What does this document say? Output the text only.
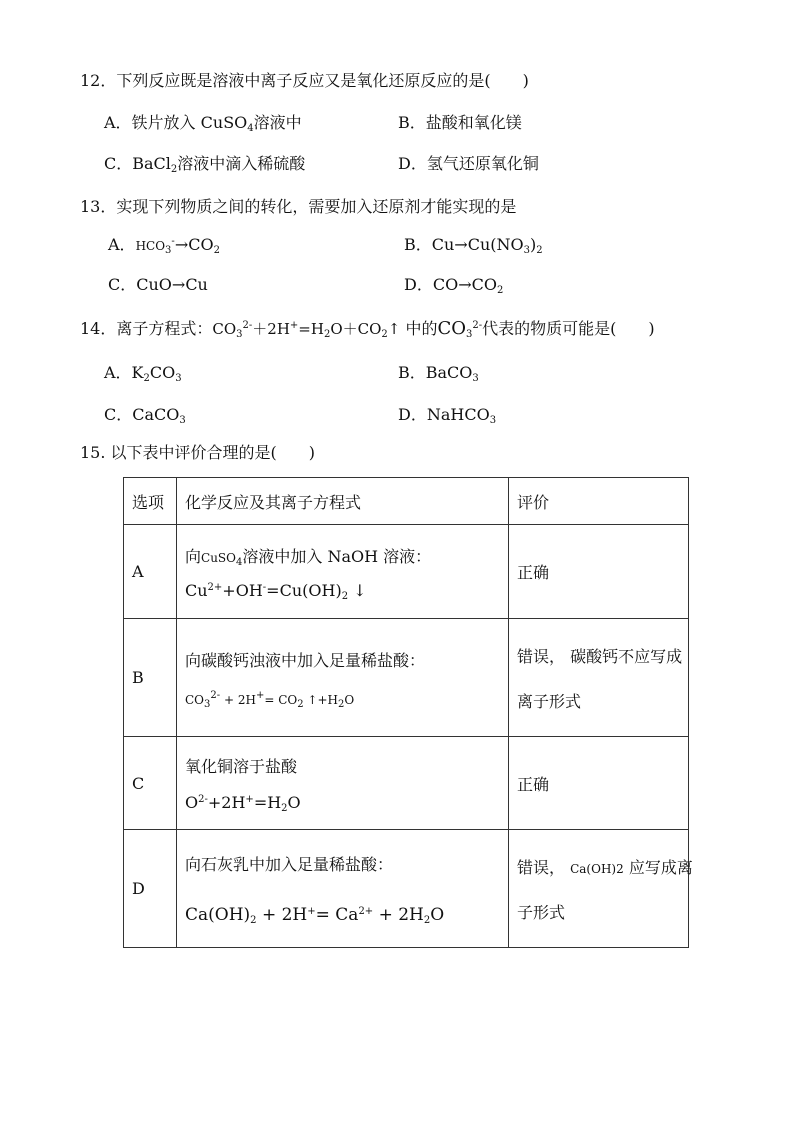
12．下列反应既是溶液中离子反应又是氧化还原反应的是(　　)
A．铁片放入 CuSO$_4$溶液中	B．盐酸和氧化镁
C．BaCl$_2$溶液中滴入稀硫酸	D．氢气还原氧化铜
13．实现下列物质之间的转化，需要加入还原剂才能实现的是
A．$HCO_3^-\to CO_2$	B．$Cu\to Cu(NO_3)_2$
C．CuO→Cu	D．$CO\to CO_2$
14．离子方程式：$CO_3^{2-}+2H^+=H_2O+CO_2↑$ 中的$CO_3^{2-}$代表的物质可能是(　　)
A．$K_2CO_3$	B．BaCO$_3$
C．CaCO$_3$	D．NaHCO$_3$
15. 以下表中评价合理的是(　　)
选项	化学反应及其离子方程式	评价
A	向CuSO$_4$溶液中加入 NaOH 溶液：
$Cu^{2+}+OH^-=Cu(OH)_2$ ↓	正确
B	向碳酸钙浊液中加入足量稀盐酸：
$CO_3^{2-} + 2H^+= CO_2$ $↑+H_2O$	错误， 碳酸钙不应写成
离子形式

C	氧化铜溶于盐酸
$O^{2-}+2H^+=H_2O$	正确
D	向石灰乳中加入足量稀盐酸：
$Ca(OH)_2 + 2H^+= Ca^{2+} + 2H_2O$	错误， Ca(OH)2 应写成离
子形式
